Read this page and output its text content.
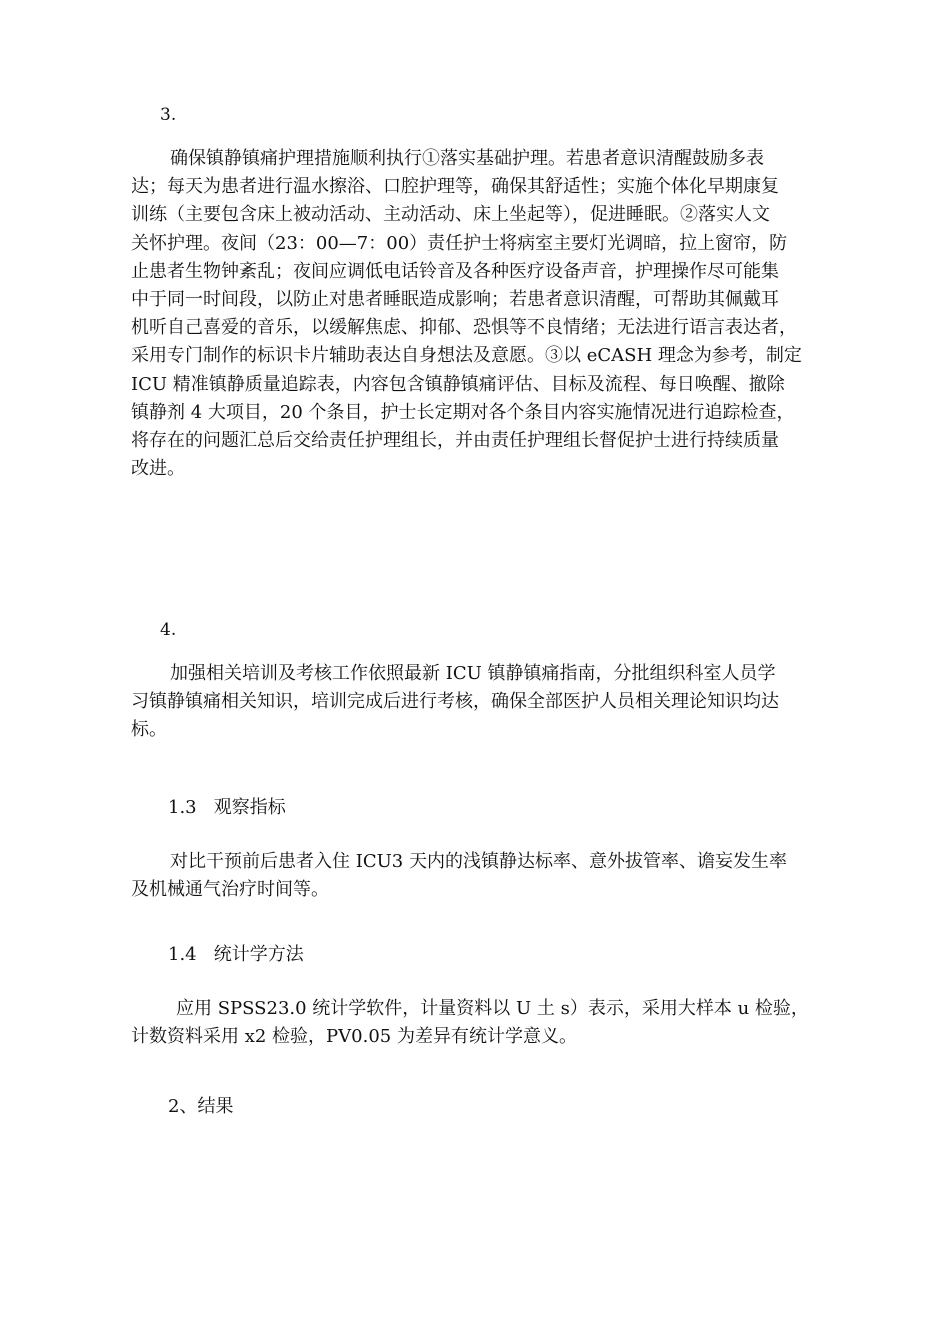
3.

确保镇静镇痛护理措施顺利执行①落实基础护理。若患者意识清醒鼓励多表
达；每天为患者进行温水擦浴、口腔护理等，确保其舒适性；实施个体化早期康复
训练（主要包含床上被动活动、主动活动、床上坐起等），促进睡眠。②落实人文
关怀护理。夜间（23：00—7：00）责任护士将病室主要灯光调暗，拉上窗帘，防
止患者生物钟紊乱；夜间应调低电话铃音及各种医疗设备声音，护理操作尽可能集
中于同一时间段，以防止对患者睡眠造成影响；若患者意识清醒，可帮助其佩戴耳
机听自己喜爱的音乐，以缓解焦虑、抑郁、恐惧等不良情绪；无法进行语言表达者，
采用专门制作的标识卡片辅助表达自身想法及意愿。③以 eCASH 理念为参考，制定
ICU 精准镇静质量追踪表，内容包含镇静镇痛评估、目标及流程、每日唤醒、撤除
镇静剂 4 大项目，20 个条目，护士长定期对各个条目内容实施情况进行追踪检查，
将存在的问题汇总后交给责任护理组长，并由责任护理组长督促护士进行持续质量
改进。

4.

加强相关培训及考核工作依照最新 ICU 镇静镇痛指南，分批组织科室人员学
习镇静镇痛相关知识，培训完成后进行考核，确保全部医护人员相关理论知识均达
标。

1.3   观察指标

对比干预前后患者入住 ICU3 天内的浅镇静达标率、意外拔管率、谵妄发生率
及机械通气治疗时间等。

1.4   统计学方法

应用 SPSS23.0 统计学软件，计量资料以 U 土 s）表示，采用大样本 u 检验，
计数资料采用 x2 检验，PV0.05 为差异有统计学意义。

2、结果
